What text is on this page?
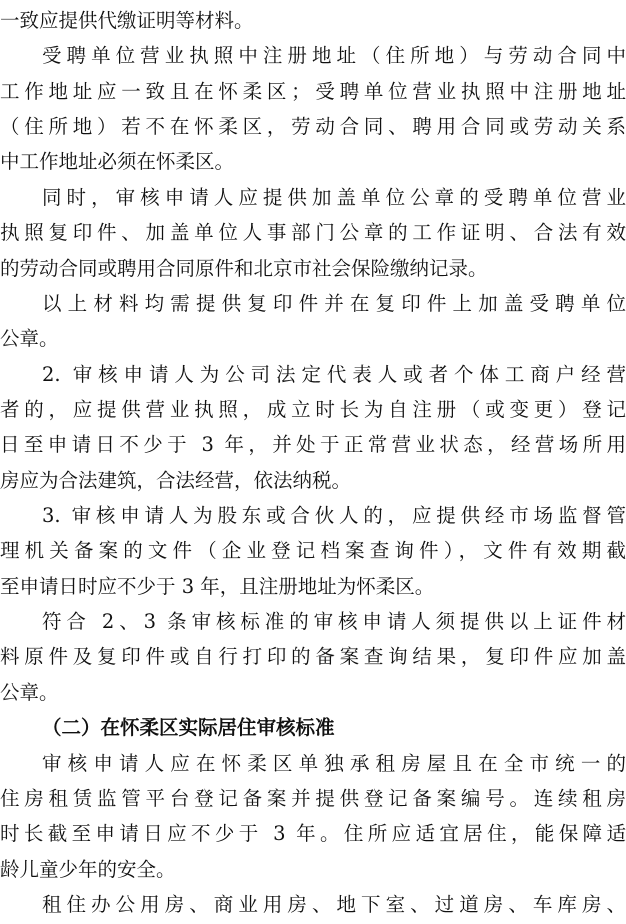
一致应提供代缴证明等材料。
受聘单位营业执照中注册地址（住所地）与劳动合同中
工作地址应一致且在怀柔区；受聘单位营业执照中注册地址
（住所地）若不在怀柔区，劳动合同、聘用合同或劳动关系
中工作地址必须在怀柔区。
同时，审核申请人应提供加盖单位公章的受聘单位营业
执照复印件、加盖单位人事部门公章的工作证明、合法有效
的劳动合同或聘用合同原件和北京市社会保险缴纳记录。
以上材料均需提供复印件并在复印件上加盖受聘单位
公章。
2. 审核申请人为公司法定代表人或者个体工商户经营
者的，应提供营业执照，成立时长为自注册（或变更）登记
日至申请日不少于 3 年，并处于正常营业状态，经营场所用
房应为合法建筑，合法经营，依法纳税。
3. 审核申请人为股东或合伙人的，应提供经市场监督管
理机关备案的文件（企业登记档案查询件），文件有效期截
至申请日时应不少于 3 年，且注册地址为怀柔区。
符合 2、3 条审核标准的审核申请人须提供以上证件材
料原件及复印件或自行打印的备案查询结果，复印件应加盖
公章。
（二）在怀柔区实际居住审核标准
审核申请人应在怀柔区单独承租房屋且在全市统一的
住房租赁监管平台登记备案并提供登记备案编号。连续租房
时长截至申请日应不少于 3 年。住所应适宜居住，能保障适
龄儿童少年的安全。
租住办公用房、商业用房、地下室、过道房、车库房、
